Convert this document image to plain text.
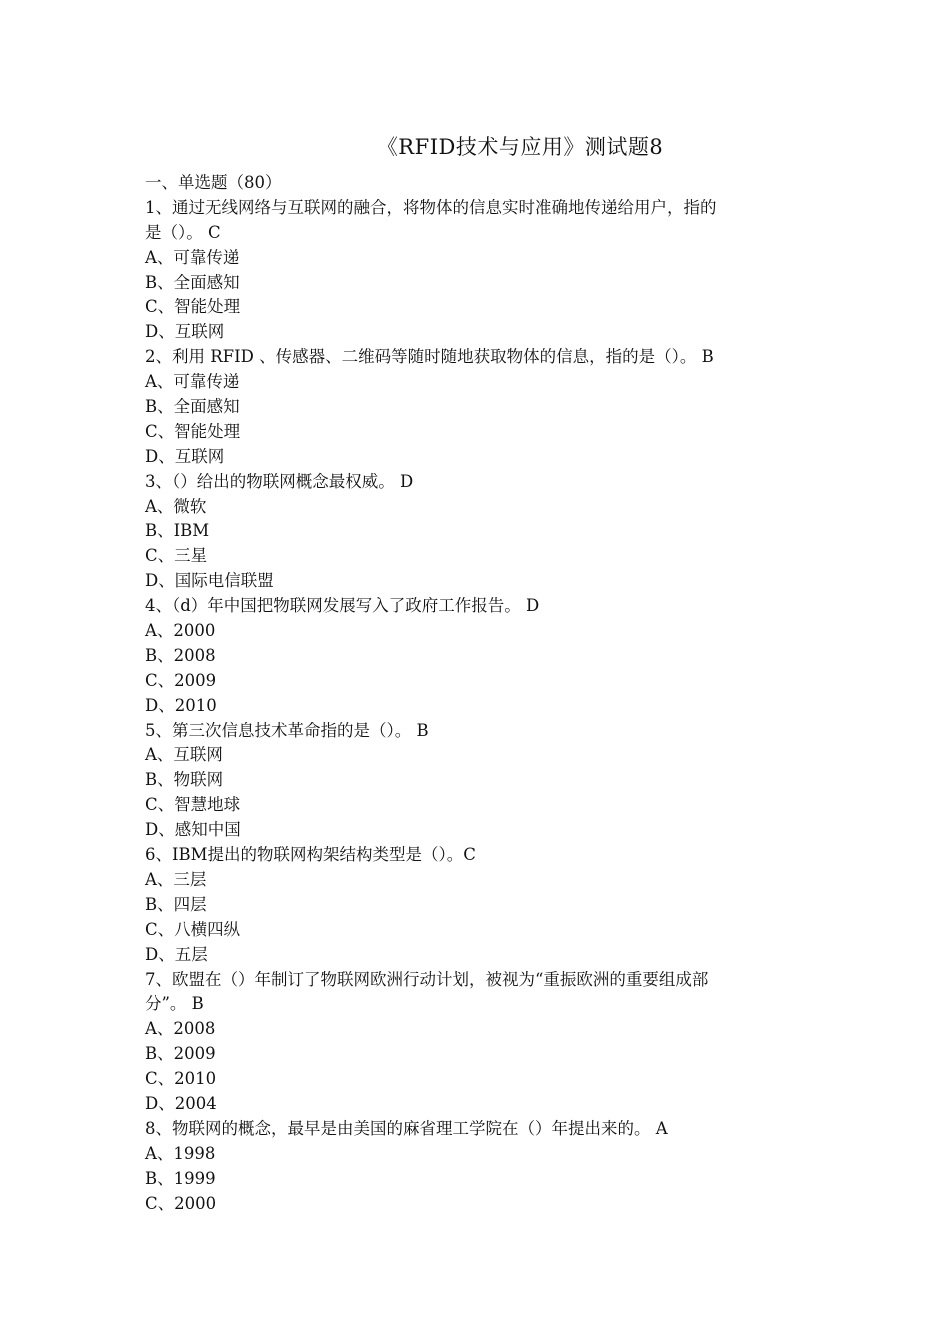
《RFID技术与应用》测试题8
一、单选题（80）
1、通过无线网络与互联网的融合，将物体的信息实时准确地传递给用户，指的
是（）。 C
A、可靠传递
B、全面感知
C、智能处理
D、互联网
2、利用 RFID 、传感器、二维码等随时随地获取物体的信息，指的是（）。 B
A、可靠传递
B、全面感知
C、智能处理
D、互联网
3、（）给出的物联网概念最权威。 D
A、微软
B、IBM
C、三星
D、国际电信联盟
4、（d）年中国把物联网发展写入了政府工作报告。 D
A、2000
B、2008
C、2009
D、2010
5、第三次信息技术革命指的是（）。 B
A、互联网
B、物联网
C、智慧地球
D、感知中国
6、IBM提出的物联网构架结构类型是（）。C
A、三层
B、四层
C、八横四纵
D、五层
7、欧盟在（）年制订了物联网欧洲行动计划，被视为“重振欧洲的重要组成部
分”。 B
A、2008
B、2009
C、2010
D、2004
8、物联网的概念，最早是由美国的麻省理工学院在（）年提出来的。 A
A、1998
B、1999
C、2000
